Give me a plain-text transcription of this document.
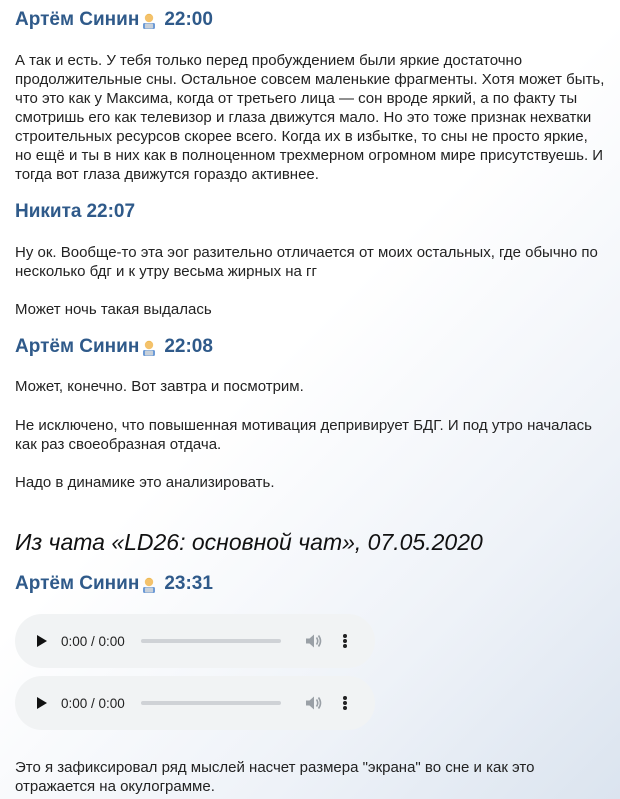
Артём Синин 22:00

А так и есть. У тебя только перед пробуждением были яркие достаточно продолжительные сны. Остальное совсем маленькие фрагменты. Хотя может быть, что это как у Максима, когда от третьего лица — сон вроде яркий, а по факту ты смотришь его как телевизор и глаза движутся мало. Но это тоже признак нехватки строительных ресурсов скорее всего. Когда их в избытке, то сны не просто яркие, но ещё и ты в них как в полноценном трехмерном огромном мире присутствуешь. И тогда вот глаза движутся гораздо активнее.

Никита 22:07

Ну ок. Вообще-то эта эог разительно отличается от моих остальных, где обычно по несколько бдг и к утру весьма жирных на гг

Может ночь такая выдалась

Артём Синин 22:08

Может, конечно. Вот завтра и посмотрим.

Не исключено, что повышенная мотивация депривирует БДГ. И под утро началась как раз своеобразная отдача.

Надо в динамике это анализировать.

Из чата «LD26: основной чат», 07.05.2020
Артём Синин 23:31
0:00 / 0:00
0:00 / 0:00

Это я зафиксировал ряд мыслей насчет размера "экрана" во сне и как это отражается на окулограмме.
